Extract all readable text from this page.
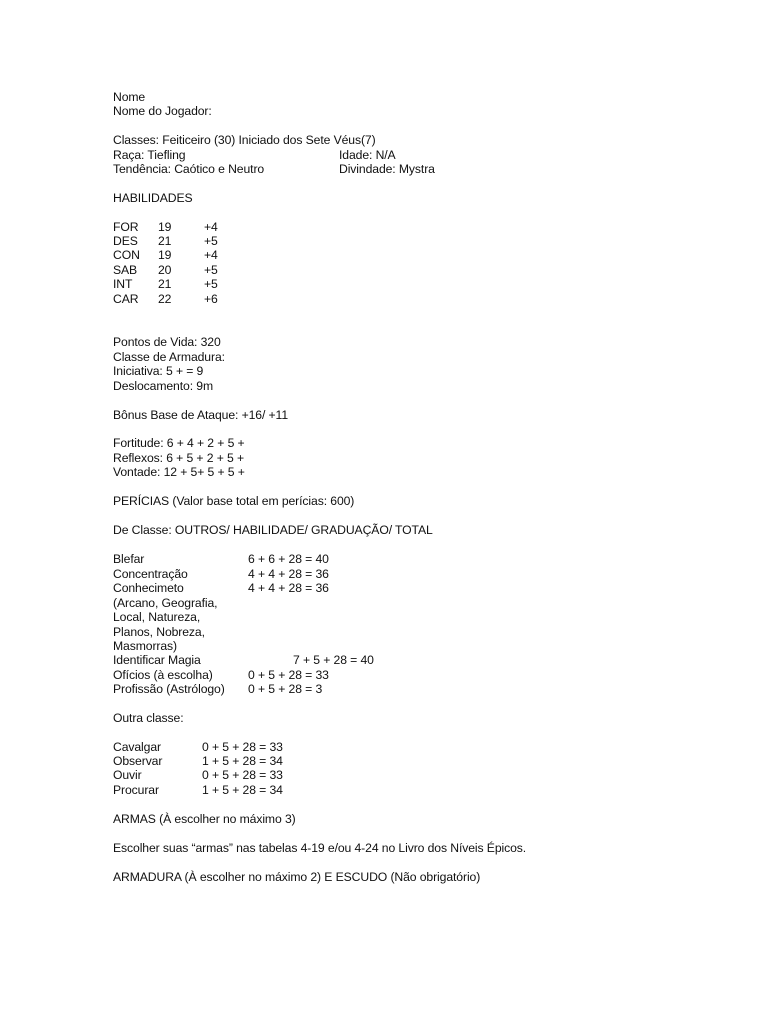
Nome
Nome do Jogador:
Classes: Feiticeiro (30) Iniciado dos Sete Véus(7)
Raça: Tiefling	Idade: N/A
Tendência: Caótico e Neutro	Divindade: Mystra
HABILIDADES
FOR 19	+4
DES 21	+5
CON 19	+4
SAB 20	+5
INT 21	+5
CAR 22	+6
Pontos de Vida: 320
Classe de Armadura:
Iniciativa: 5 + = 9
Deslocamento: 9m
Bônus Base de Ataque: +16/ +11
Fortitude: 6 + 4 + 2 + 5 +
Reflexos: 6 + 5 + 2 + 5 +
Vontade: 12 + 5+ 5 + 5 +
PERÍCIAS (Valor base total em perícias: 600)
De Classe: OUTROS/ HABILIDADE/ GRADUAÇÃO/ TOTAL
Blefar	6 + 6 + 28 = 40
Concentração	4 + 4 + 28 = 36
Conhecimeto	4 + 4 + 28 = 36
(Arcano, Geografia,
Local, Natureza,
Planos, Nobreza,
Masmorras)
Identificar Magia	7 + 5 + 28 = 40
Ofícios (à escolha)	0 + 5 + 28 = 33
Profissão (Astrólogo) 0 + 5 + 28 = 3
Outra classe:
Cavalgar	0 + 5 + 28 = 33
Observar	1 + 5 + 28 = 34
Ouvir	0 + 5 + 28 = 33
Procurar	1 + 5 + 28 = 34
ARMAS (À escolher no máximo 3)
Escolher suas “armas” nas tabelas 4-19 e/ou 4-24 no Livro dos Níveis Épicos.
ARMADURA (À escolher no máximo 2) E ESCUDO (Não obrigatório)
